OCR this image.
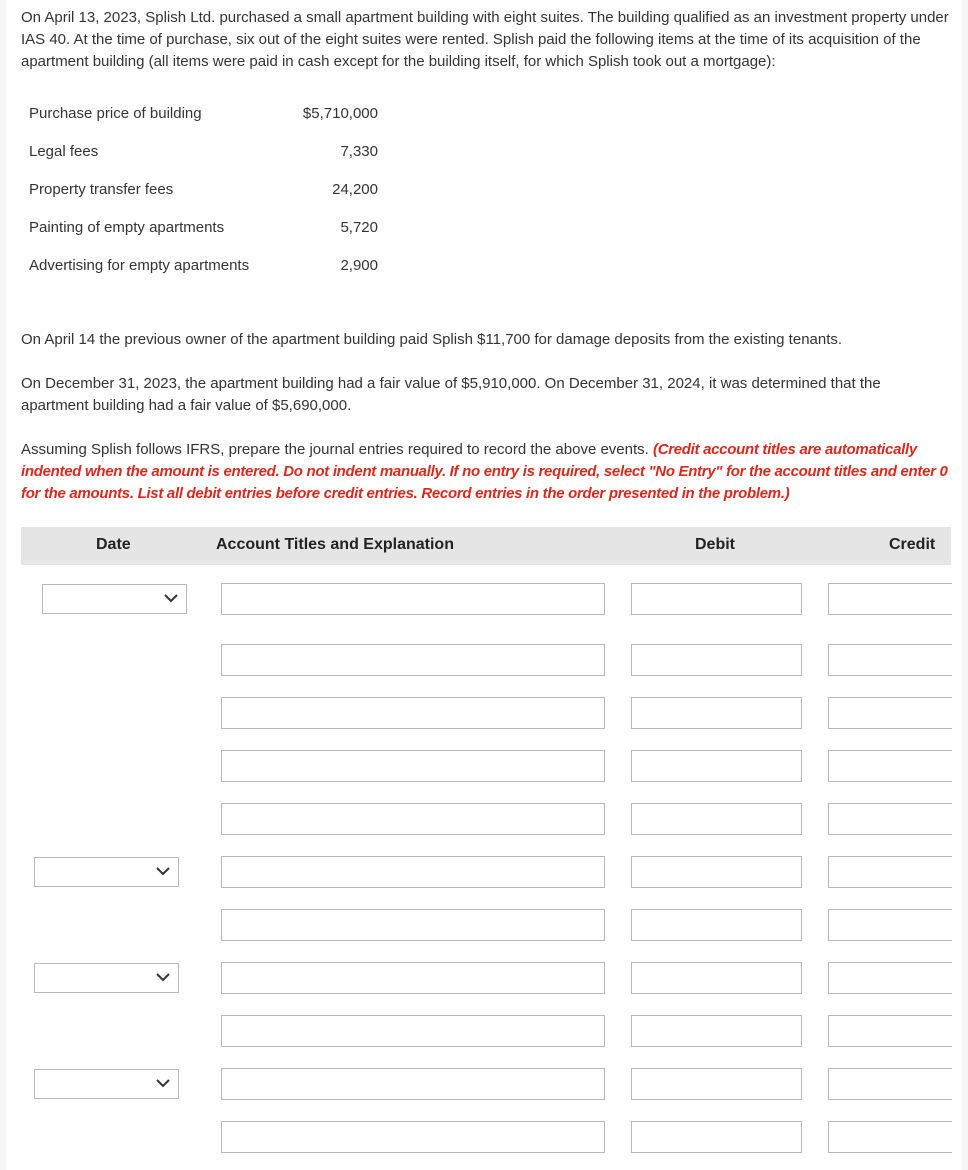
On April 13, 2023, Splish Ltd. purchased a small apartment building with eight suites. The building qualified as an investment property under IAS 40. At the time of purchase, six out of the eight suites were rented. Splish paid the following items at the time of its acquisition of the apartment building (all items were paid in cash except for the building itself, for which Splish took out a mortgage):

Purchase price of building	$5,710,000
Legal fees	7,330
Property transfer fees	24,200
Painting of empty apartments	5,720
Advertising for empty apartments	2,900

On April 14 the previous owner of the apartment building paid Splish $11,700 for damage deposits from the existing tenants.

On December 31, 2023, the apartment building had a fair value of $5,910,000. On December 31, 2024, it was determined that the apartment building had a fair value of $5,690,000.

Assuming Splish follows IFRS, prepare the journal entries required to record the above events. (Credit account titles are automatically indented when the amount is entered. Do not indent manually. If no entry is required, select "No Entry" for the account titles and enter 0 for the amounts. List all debit entries before credit entries. Record entries in the order presented in the problem.)

Date	Account Titles and Explanation	Debit	Credit
